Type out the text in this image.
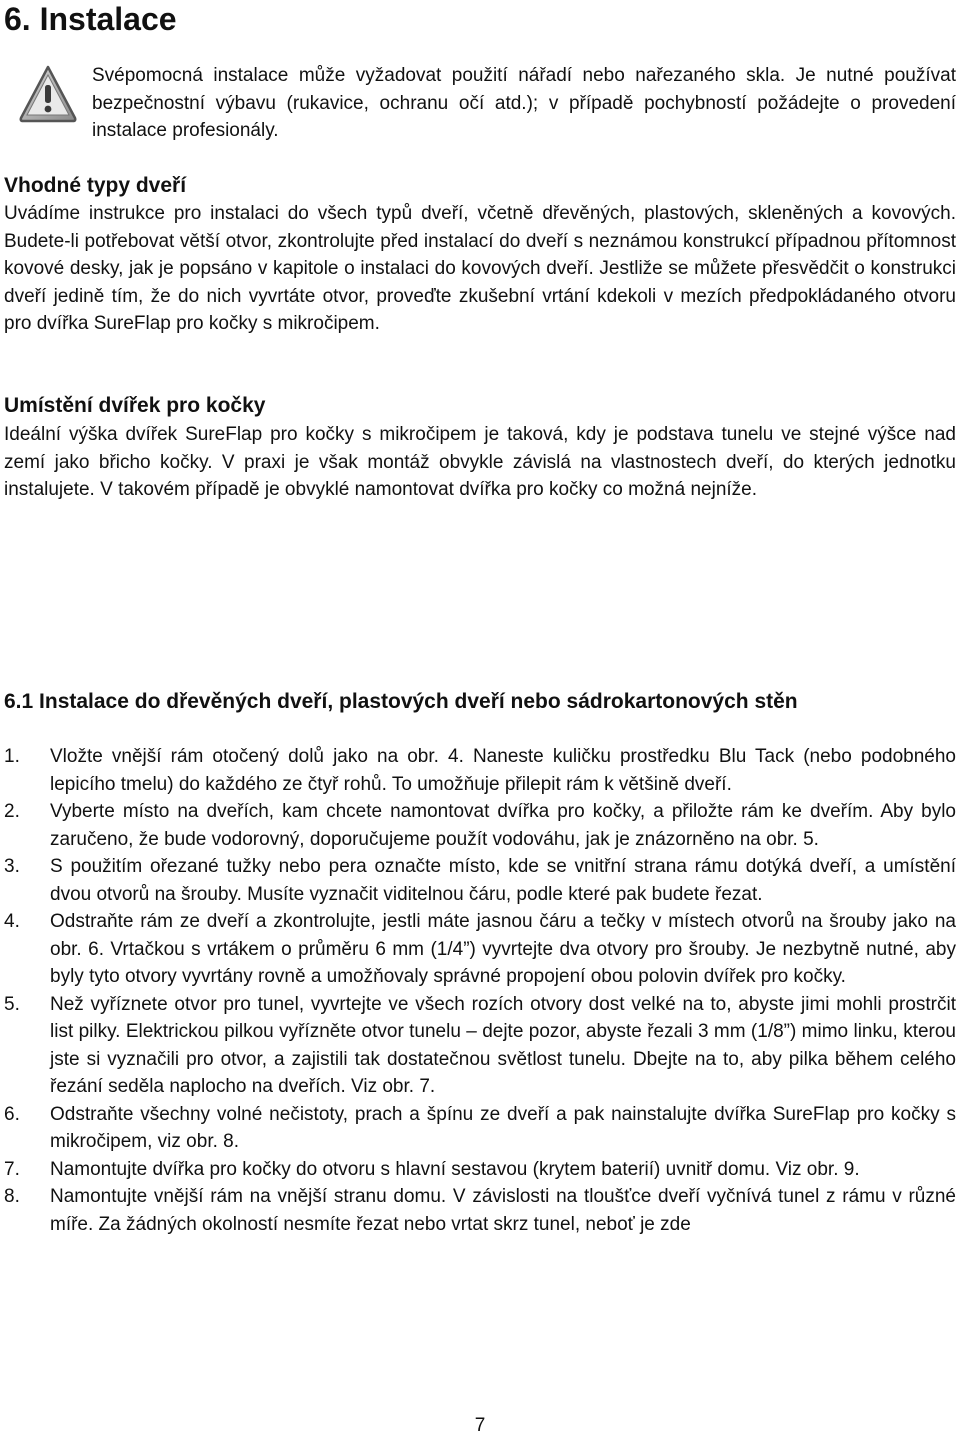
6. Instalace

Svépomocná instalace může vyžadovat použití nářadí nebo nařezaného skla. Je nutné používat bezpečnostní výbavu (rukavice, ochranu očí atd.); v případě pochybností požádejte o provedení instalace profesionály.

Vhodné typy dveří

Uvádíme instrukce pro instalaci do všech typů dveří, včetně dřevěných, plastových, skleněných a kovových. Budete-li potřebovat větší otvor, zkontrolujte před instalací do dveří s neznámou konstrukcí případnou přítomnost kovové desky, jak je popsáno v kapitole o instalaci do kovových dveří. Jestliže se můžete přesvědčit o konstrukci dveří jedině tím, že do nich vyvrtáte otvor, proveďte zkušební vrtání kdekoli v mezích předpokládaného otvoru pro dvířka SureFlap pro kočky s mikročipem.

Umístění dvířek pro kočky

Ideální výška dvířek SureFlap pro kočky s mikročipem je taková, kdy je podstava tunelu ve stejné výšce nad zemí jako břicho kočky. V praxi je však montáž obvykle závislá na vlastnostech dveří, do kterých jednotku instalujete. V takovém případě je obvyklé namontovat dvířka pro kočky co možná nejníže.

6.1 Instalace do dřevěných dveří, plastových dveří nebo sádrokartonových stěn
1.	Vložte vnější rám otočený dolů jako na obr. 4. Naneste kuličku prostředku Blu Tack (nebo podobného lepicího tmelu) do každého ze čtyř rohů. To umožňuje přilepit rám k většině dveří.
2.	Vyberte místo na dveřích, kam chcete namontovat dvířka pro kočky, a přiložte rám ke dveřím. Aby bylo zaručeno, že bude vodorovný, doporučujeme použít vodováhu, jak je znázorněno na obr. 5.
3.	S použitím ořezané tužky nebo pera označte místo, kde se vnitřní strana rámu dotýká dveří, a umístění dvou otvorů na šrouby. Musíte vyznačit viditelnou čáru, podle které pak budete řezat.
4.	Odstraňte rám ze dveří a zkontrolujte, jestli máte jasnou čáru a tečky v místech otvorů na šrouby jako na obr. 6. Vrtačkou s vrtákem o průměru 6 mm (1/4”) vyvrtejte dva otvory pro šrouby. Je nezbytně nutné, aby byly tyto otvory vyvrtány rovně a umožňovaly správné propojení obou polovin dvířek pro kočky.
5.	Než vyříznete otvor pro tunel, vyvrtejte ve všech rozích otvory dost velké na to, abyste jimi mohli prostrčit list pilky. Elektrickou pilkou vyřízněte otvor tunelu – dejte pozor, abyste řezali 3 mm (1/8”) mimo linku, kterou jste si vyznačili pro otvor, a zajistili tak dostatečnou světlost tunelu. Dbejte na to, aby pilka během celého řezání seděla naplocho na dveřích. Viz obr. 7.
6.	Odstraňte všechny volné nečistoty, prach a špínu ze dveří a pak nainstalujte dvířka SureFlap pro kočky s mikročipem, viz obr. 8.
7.	Namontujte dvířka pro kočky do otvoru s hlavní sestavou (krytem baterií) uvnitř domu. Viz obr. 9.
8.	Namontujte vnější rám na vnější stranu domu. V závislosti na tloušťce dveří vyčnívá tunel z rámu v různé míře. Za žádných okolností nesmíte řezat nebo vrtat skrz tunel, neboť je zde
7
